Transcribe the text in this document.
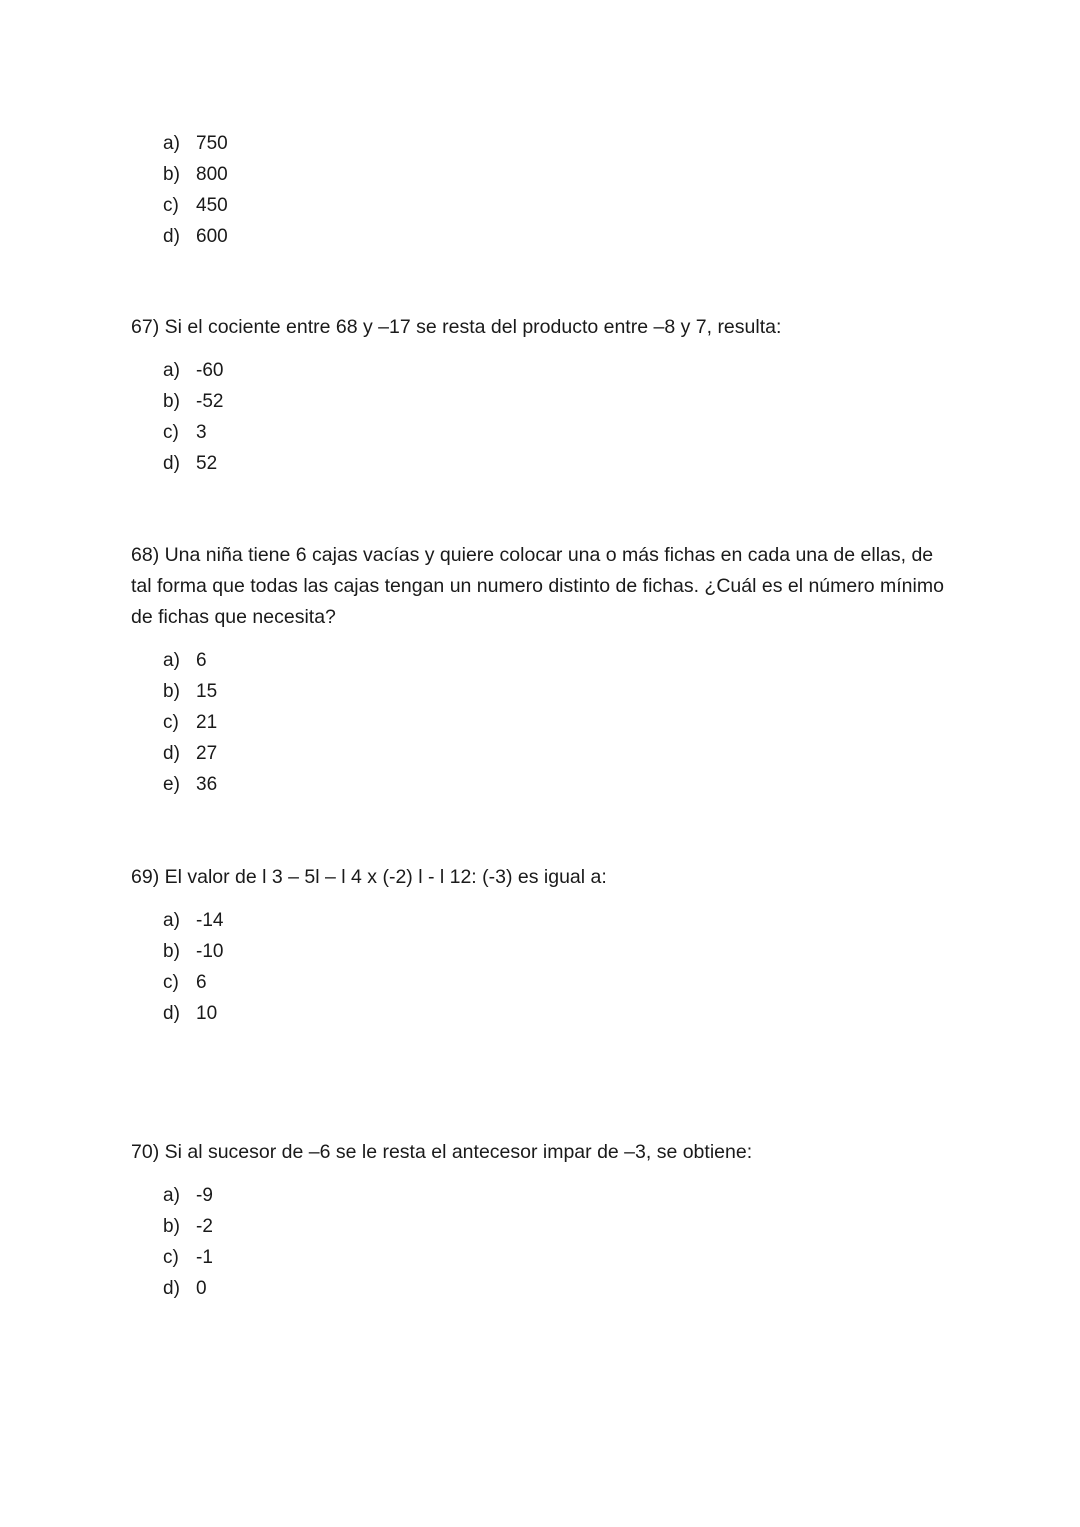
a) 750
b) 800
c) 450
d) 600

67) Si el cociente entre 68 y –17 se resta del producto entre –8 y 7, resulta:

a) -60
b) -52
c) 3
d) 52

68) Una niña tiene 6 cajas vacías y quiere colocar una o más fichas en cada una de ellas, de tal forma que todas las cajas tengan un numero distinto de fichas. ¿Cuál es el número mínimo de fichas que necesita?

a) 6
b) 15
c) 21
d) 27
e) 36

69) El valor de l 3 – 5l – l 4 x (-2) l - l 12: (-3) es igual a:

a) -14
b) -10
c) 6
d) 10

70) Si al sucesor de –6 se le resta el antecesor impar de –3, se obtiene:

a) -9
b) -2
c) -1
d) 0
